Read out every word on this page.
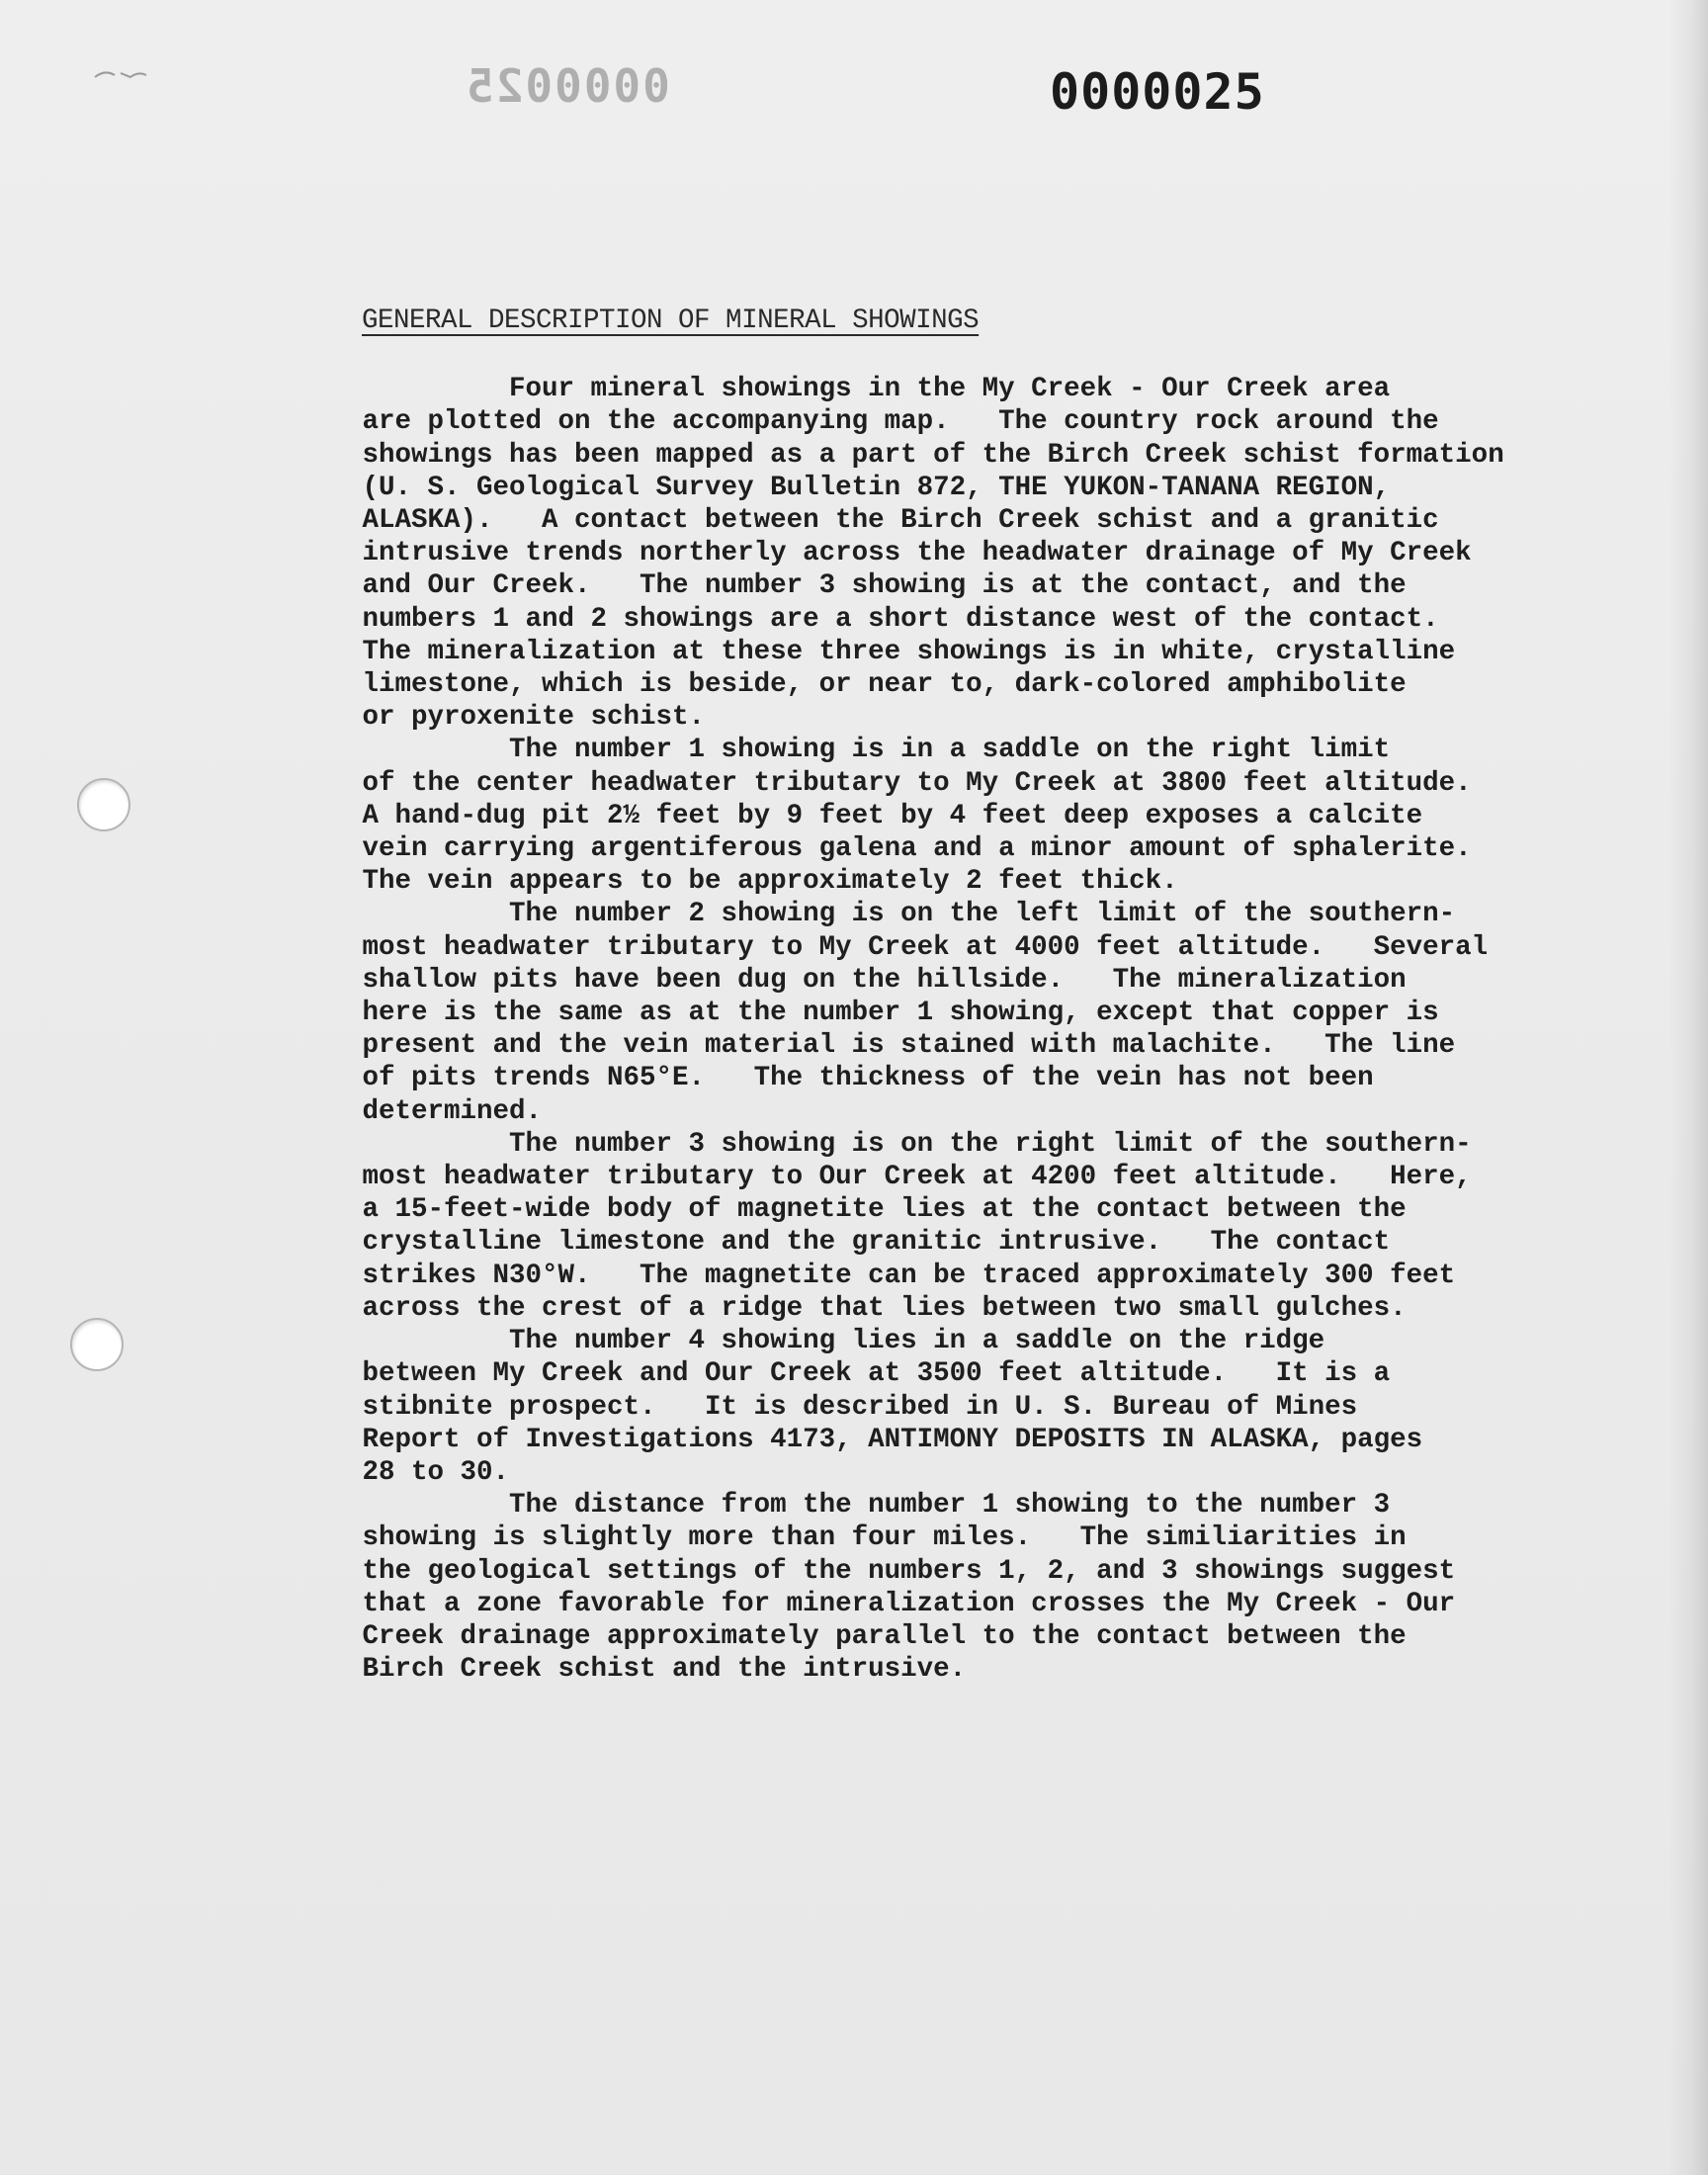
0000025	0000025
GENERAL DESCRIPTION OF MINERAL SHOWINGS
Four mineral showings in the My Creek - Our Creek area
are plotted on the accompanying map.   The country rock around the
showings has been mapped as a part of the Birch Creek schist formation
(U. S. Geological Survey Bulletin 872, THE YUKON-TANANA REGION,
ALASKA).   A contact between the Birch Creek schist and a granitic
intrusive trends northerly across the headwater drainage of My Creek
and Our Creek.   The number 3 showing is at the contact, and the
numbers 1 and 2 showings are a short distance west of the contact.
The mineralization at these three showings is in white, crystalline
limestone, which is beside, or near to, dark-colored amphibolite
or pyroxenite schist.
The number 1 showing is in a saddle on the right limit
of the center headwater tributary to My Creek at 3800 feet altitude.
A hand-dug pit 2½ feet by 9 feet by 4 feet deep exposes a calcite
vein carrying argentiferous galena and a minor amount of sphalerite.
The vein appears to be approximately 2 feet thick.
The number 2 showing is on the left limit of the southern-
most headwater tributary to My Creek at 4000 feet altitude.   Several
shallow pits have been dug on the hillside.   The mineralization
here is the same as at the number 1 showing, except that copper is
present and the vein material is stained with malachite.   The line
of pits trends N65°E.   The thickness of the vein has not been
determined.
The number 3 showing is on the right limit of the southern-
most headwater tributary to Our Creek at 4200 feet altitude.   Here,
a 15-feet-wide body of magnetite lies at the contact between the
crystalline limestone and the granitic intrusive.   The contact
strikes N30°W.   The magnetite can be traced approximately 300 feet
across the crest of a ridge that lies between two small gulches.
The number 4 showing lies in a saddle on the ridge
between My Creek and Our Creek at 3500 feet altitude.   It is a
stibnite prospect.   It is described in U. S. Bureau of Mines
Report of Investigations 4173, ANTIMONY DEPOSITS IN ALASKA, pages
28 to 30.
The distance from the number 1 showing to the number 3
showing is slightly more than four miles.   The similiarities in
the geological settings of the numbers 1, 2, and 3 showings suggest
that a zone favorable for mineralization crosses the My Creek - Our
Creek drainage approximately parallel to the contact between the
Birch Creek schist and the intrusive.
